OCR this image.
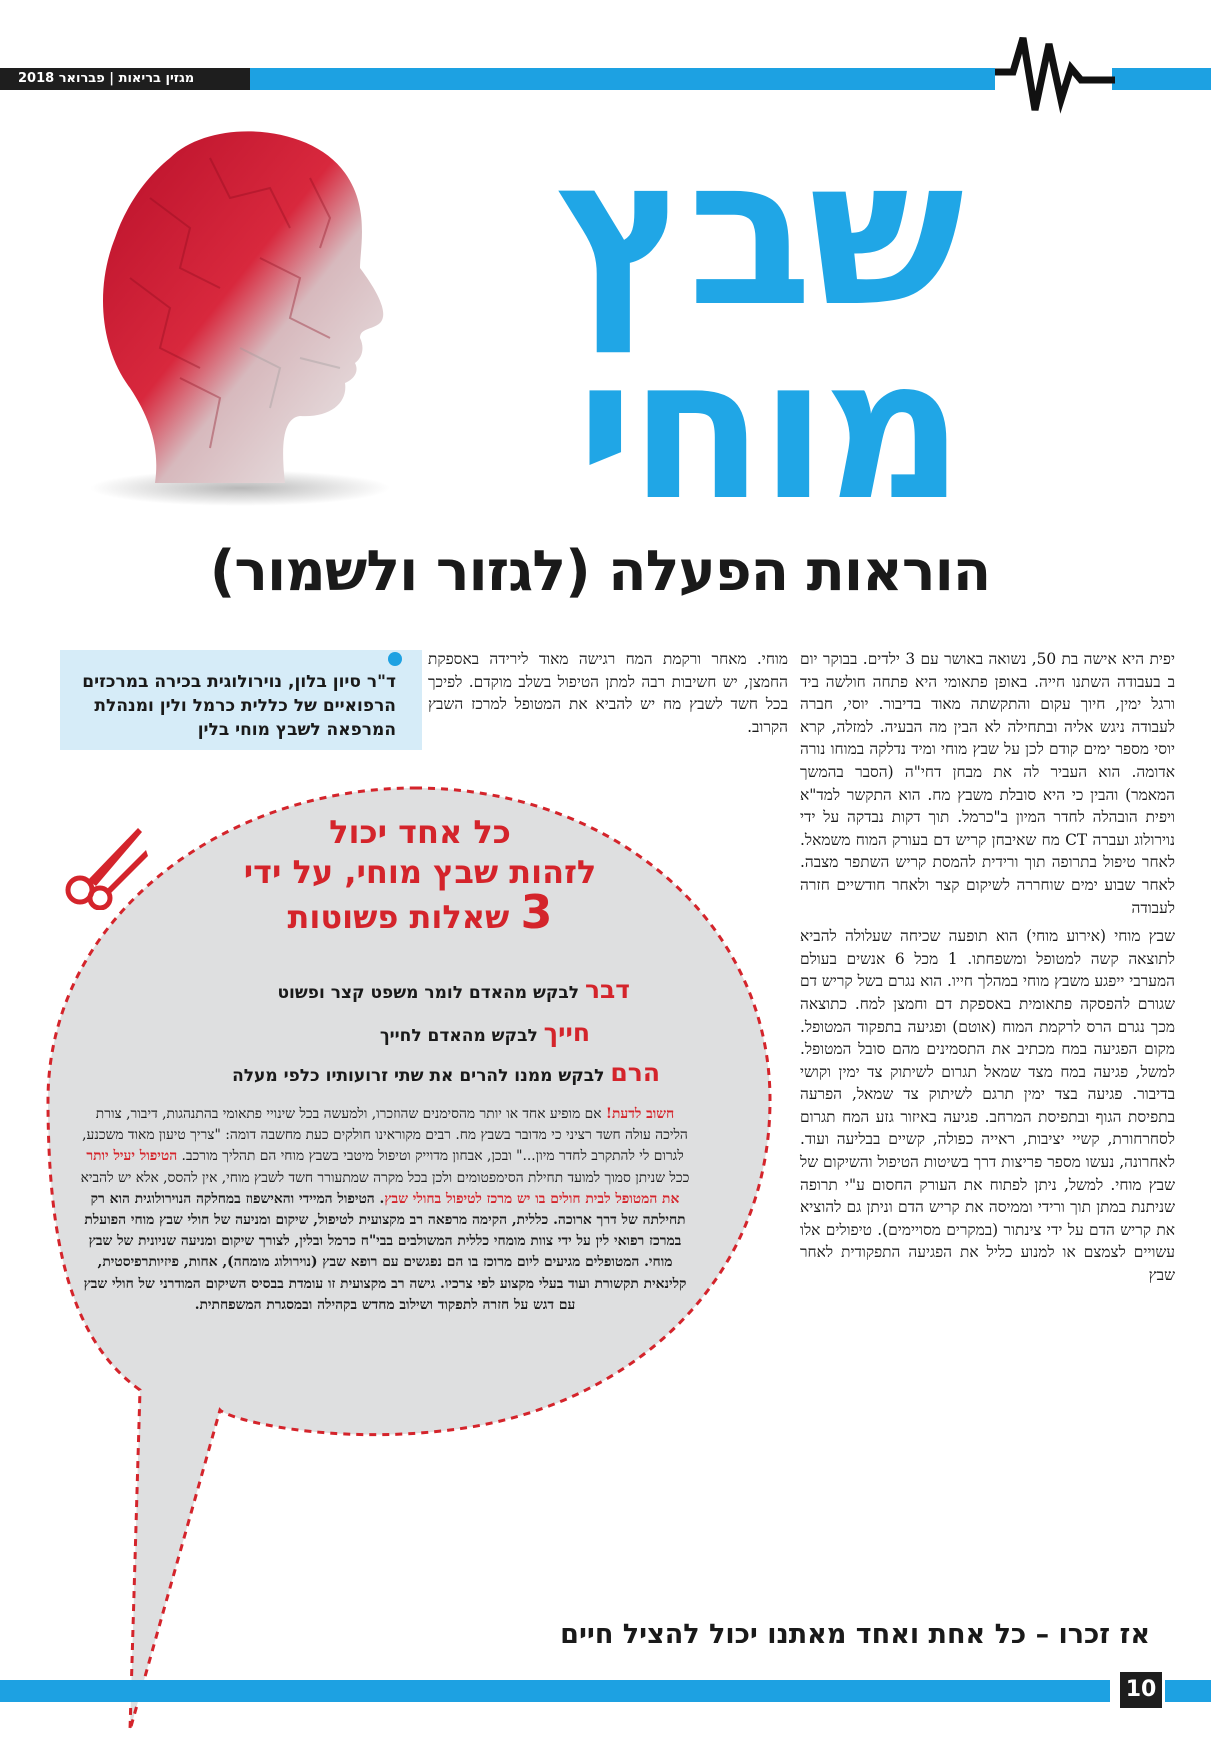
מגזין בריאות | פברואר 2018
שבץ
מוחי
הוראות הפעלה (לגזור ולשמור)

יפית היא אישה בת 50, נשואה באושר עם 3 ילדים. בבוקר יום ב בעבודה השתנו חייה. באופן פתאומי היא פתחה חולשה ביד ורגל ימין, חיוך עקום והתקשתה מאוד בדיבור. יוסי, חברה לעבודה ניגש אליה ובתחילה לא הבין מה הבעיה. למזלה, קרא יוסי מספר ימים קודם לכן על שבץ מוחי ומיד נדלקה במוחו נורה אדומה. הוא העביר לה את מבחן דחי"ה (הסבר בהמשך המאמר) והבין כי היא סובלת משבץ מח. הוא התקשר למד"א ויפית הובהלה לחדר המיון ב"כרמל. תוך דקות נבדקה על ידי נוירולוג ועברה CT מח שאיבחן קריש דם בעורק המוח משמאל. לאחר טיפול בתרופה תוך ורידית להמסת קריש השתפר מצבה. לאחר שבוע ימים שוחררה לשיקום קצר ולאחר חודשיים חזרה לעבודה

שבץ מוחי (אירוע מוחי) הוא תופעה שכיחה שעלולה להביא לתוצאה קשה למטופל ומשפחתו. 1 מכל 6 אנשים בעולם המערבי ייפגע משבץ מוחי במהלך חייו. הוא נגרם בשל קריש דם שגורם להפסקה פתאומית באספקת דם וחמצן למח. כתוצאה מכך נגרם הרס לרקמת המוח (אוטם) ופגיעה בתפקוד המטופל. מקום הפגיעה במח מכתיב את התסמינים מהם סובל המטופל. למשל, פגיעה במח מצד שמאל תגרום לשיתוק צד ימין וקושי בדיבור. פגיעה בצד ימין תרגם לשיתוק צד שמאל, הפרעה בתפיסת הגוף ובתפיסת המרחב. פגיעה באיזור גזע המח תגרום לסחרחורת, קשיי יציבות, ראייה כפולה, קשיים בבליעה ועוד. לאחרונה, נעשו מספר פריצות דרך בשיטות הטיפול והשיקום של שבץ מוחי. למשל, ניתן לפתוח את העורק החסום ע"י תרופה שניתנת במתן תוך ורידי וממיסה את קריש הדם וניתן גם להוציא את קריש הדם על ידי צינתור (במקרים מסויימים). טיפולים אלו עשויים לצמצם או למנוע כליל את הפגיעה התפקודית לאחר שבץ

מוחי. מאחר ורקמת המח רגישה מאוד לירידה באספקת החמצן, יש חשיבות רבה למתן הטיפול בשלב מוקדם. לפיכך בכל חשד לשבץ מח יש להביא את המטופל למרכז השבץ הקרוב.
ד"ר סיון בלון, נוירולוגית בכירה במרכזים הרפואיים של כללית כרמל ולין ומנהלת המרפאה לשבץ מוחי בלין
כל אחד יכול
לזהות שבץ מוחי, על ידי
3 שאלות פשוטות
דבר לבקש מהאדם לומר משפט קצר ופשוט
חייך לבקש מהאדם לחייך
הרם לבקש ממנו להרים את שתי זרועותיו כלפי מעלה
חשוב לדעת! אם מופיע אחד או יותר מהסימנים שהוזכרו, ולמעשה בכל שינויי פתאומי בהתנהגות, דיבור, צורת הליכה עולה חשד רציני כי מדובר בשבץ מח. רבים מקוראינו חולקים כעת מחשבה דומה: "צריך טיעון מאוד משכנע, לגרום לי להתקרב לחדר מיון..." ובכן, אבחון מדוייק וטיפול מיטבי בשבץ מוחי הם תהליך מורכב. הטיפול יעיל יותר ככל שניתן סמוך למועד תחילת הסימפטומים ולכן בכל מקרה שמתעורר חשד לשבץ מוחי, אין להסס, אלא יש להביא את המטופל לבית חולים בו יש מרכז לטיפול בחולי שבץ. הטיפול המיידי והאישפוז במחלקה הנוירולוגית הוא רק תחילתה של דרך ארוכה. כללית, הקימה מרפאה רב מקצועית לטיפול, שיקום ומניעה של חולי שבץ מוחי הפועלת במרכז רפואי לין על ידי צוות מומחי כללית המשולבים בבי"ח כרמל ובלין, לצורך שיקום ומניעה שניונית של שבץ מוחי. המטופלים מגיעים ליום מרוכז בו הם נפגשים עם רופא שבץ (נוירולוג מומחה), אחות, פיזיותרפיסטית, קלינאית תקשורת ועוד בעלי מקצוע לפי צרכיו. גישה רב מקצועית זו עומדת בבסיס השיקום המודרני של חולי שבץ עם דגש על חזרה לתפקוד ושילוב מחדש בקהילה ובמסגרת המשפחתית.
אז זכרו – כל אחת ואחד מאתנו יכול להציל חיים
10
